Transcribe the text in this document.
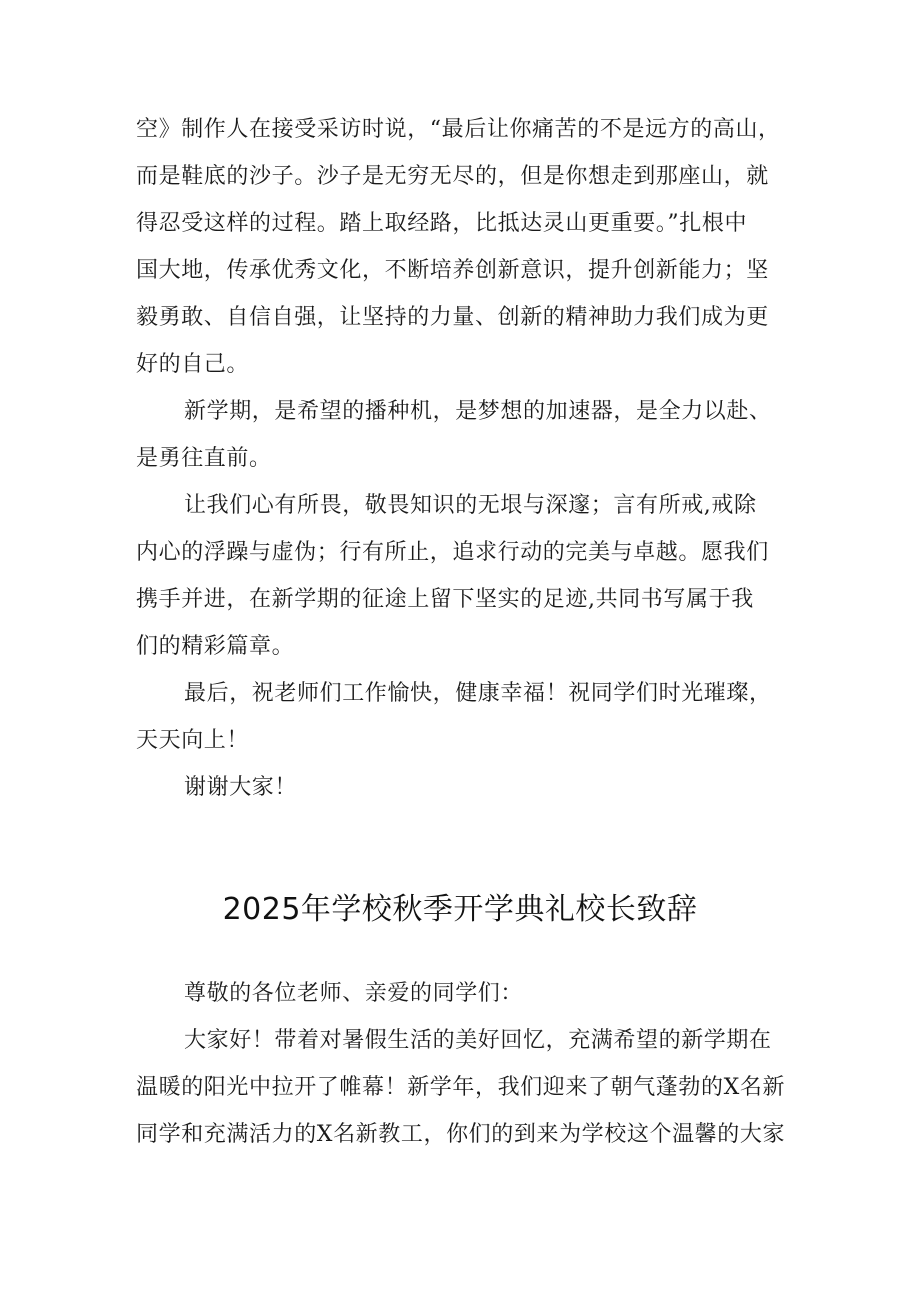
空》制作人在接受采访时说，“最后让你痛苦的不是远方的高山，
而是鞋底的沙子。沙子是无穷无尽的，但是你想走到那座山，就
得忍受这样的过程。踏上取经路，比抵达灵山更重要。”扎根中
国大地，传承优秀文化，不断培养创新意识，提升创新能力；坚
毅勇敢、自信自强，让坚持的力量、创新的精神助力我们成为更
好的自己。
新学期，是希望的播种机，是梦想的加速器，是全力以赴、
是勇往直前。
让我们心有所畏，敬畏知识的无垠与深邃；言有所戒,戒除
内心的浮躁与虚伪；行有所止，追求行动的完美与卓越。愿我们
携手并进，在新学期的征途上留下坚实的足迹,共同书写属于我
们的精彩篇章。
最后，祝老师们工作愉快，健康幸福！祝同学们时光璀璨，
天天向上！
谢谢大家！
2025年学校秋季开学典礼校长致辞
尊敬的各位老师、亲爱的同学们：
大家好！带着对暑假生活的美好回忆，充满希望的新学期在
温暖的阳光中拉开了帷幕！新学年，我们迎来了朝气蓬勃的X名新
同学和充满活力的X名新教工，你们的到来为学校这个温馨的大家
